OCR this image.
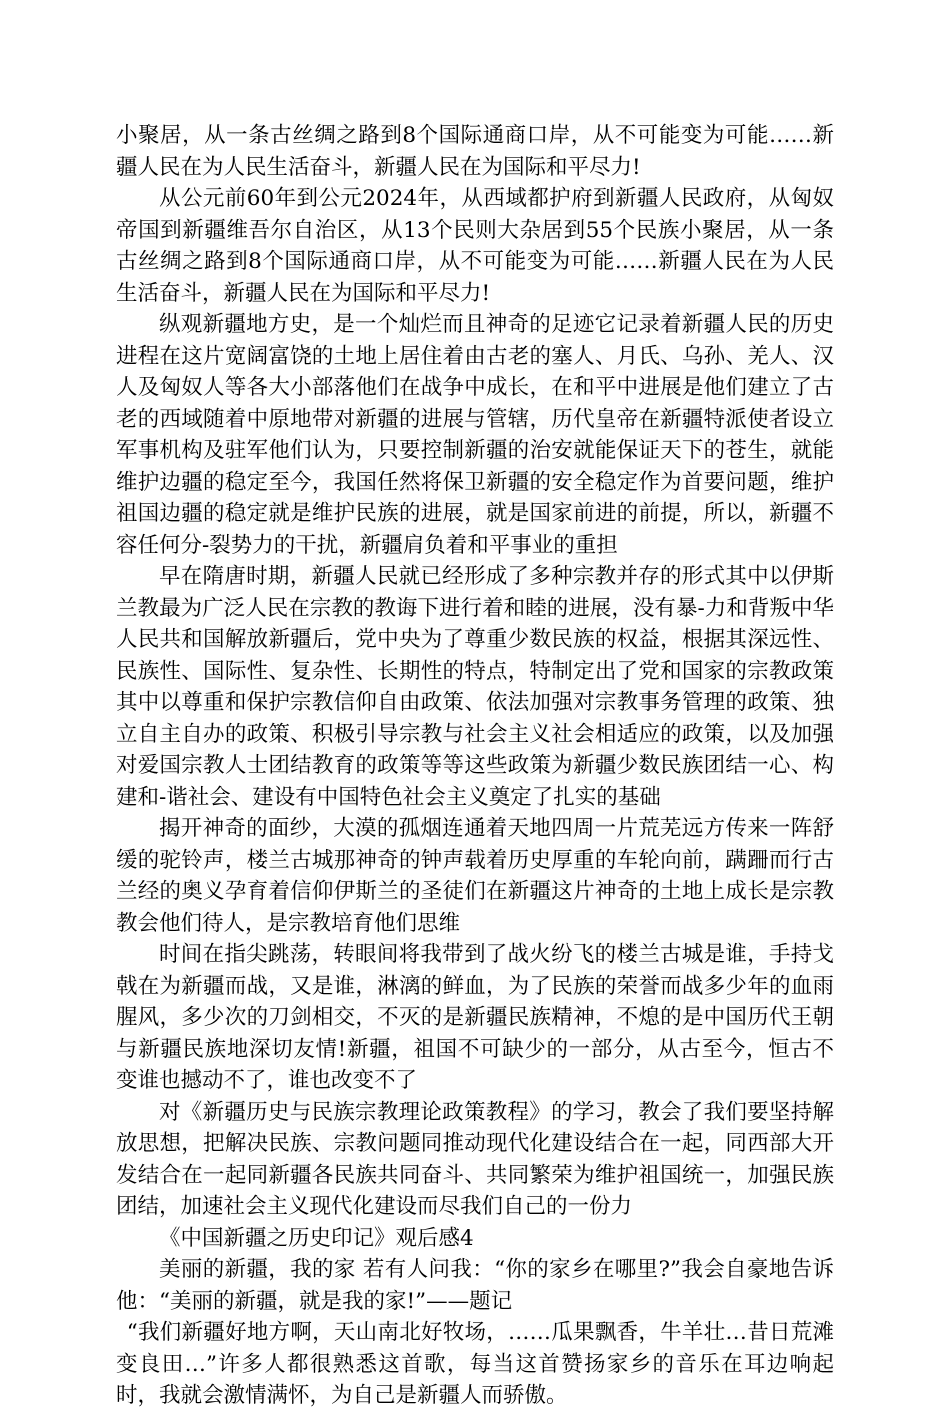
小聚居，从一条古丝绸之路到8个国际通商口岸，从不可能变为可能……新疆人民在为人民生活奋斗，新疆人民在为国际和平尽力!

从公元前60年到公元2024年，从西域都护府到新疆人民政府，从匈奴帝国到新疆维吾尔自治区，从13个民则大杂居到55个民族小聚居，从一条古丝绸之路到8个国际通商口岸，从不可能变为可能……新疆人民在为人民生活奋斗，新疆人民在为国际和平尽力!

纵观新疆地方史，是一个灿烂而且神奇的足迹它记录着新疆人民的历史进程在这片宽阔富饶的土地上居住着由古老的塞人、月氏、乌孙、羌人、汉人及匈奴人等各大小部落他们在战争中成长，在和平中进展是他们建立了古老的西域随着中原地带对新疆的进展与管辖，历代皇帝在新疆特派使者设立军事机构及驻军他们认为，只要控制新疆的治安就能保证天下的苍生，就能维护边疆的稳定至今，我国任然将保卫新疆的安全稳定作为首要问题，维护祖国边疆的稳定就是维护民族的进展，就是国家前进的前提，所以，新疆不容任何分-裂势力的干扰，新疆肩负着和平事业的重担

早在隋唐时期，新疆人民就已经形成了多种宗教并存的形式其中以伊斯兰教最为广泛人民在宗教的教诲下进行着和睦的进展，没有暴-力和背叛中华人民共和国解放新疆后，党中央为了尊重少数民族的权益，根据其深远性、民族性、国际性、复杂性、长期性的特点，特制定出了党和国家的宗教政策其中以尊重和保护宗教信仰自由政策、依法加强对宗教事务管理的政策、独立自主自办的政策、积极引导宗教与社会主义社会相适应的政策，以及加强对爱国宗教人士团结教育的政策等等这些政策为新疆少数民族团结一心、构建和-谐社会、建设有中国特色社会主义奠定了扎实的基础

揭开神奇的面纱，大漠的孤烟连通着天地四周一片荒芜远方传来一阵舒缓的驼铃声，楼兰古城那神奇的钟声载着历史厚重的车轮向前，蹒跚而行古兰经的奥义孕育着信仰伊斯兰的圣徒们在新疆这片神奇的土地上成长是宗教教会他们待人，是宗教培育他们思维

时间在指尖跳荡，转眼间将我带到了战火纷飞的楼兰古城是谁，手持戈戟在为新疆而战，又是谁，淋漓的鲜血，为了民族的荣誉而战多少年的血雨腥风，多少次的刀剑相交，不灭的是新疆民族精神，不熄的是中国历代王朝与新疆民族地深切友情!新疆，祖国不可缺少的一部分，从古至今，恒古不变谁也撼动不了，谁也改变不了

对《新疆历史与民族宗教理论政策教程》的学习，教会了我们要坚持解放思想，把解决民族、宗教问题同推动现代化建设结合在一起，同西部大开发结合在一起同新疆各民族共同奋斗、共同繁荣为维护祖国统一，加强民族团结，加速社会主义现代化建设而尽我们自己的一份力

《中国新疆之历史印记》观后感4

美丽的新疆，我的家 若有人问我：“你的家乡在哪里?”我会自豪地告诉他：“美丽的新疆，就是我的家!”——题记

“我们新疆好地方啊，天山南北好牧场，……瓜果飘香，牛羊壮…昔日荒滩变良田…”许多人都很熟悉这首歌，每当这首赞扬家乡的音乐在耳边响起时，我就会激情满怀，为自己是新疆人而骄傲。
